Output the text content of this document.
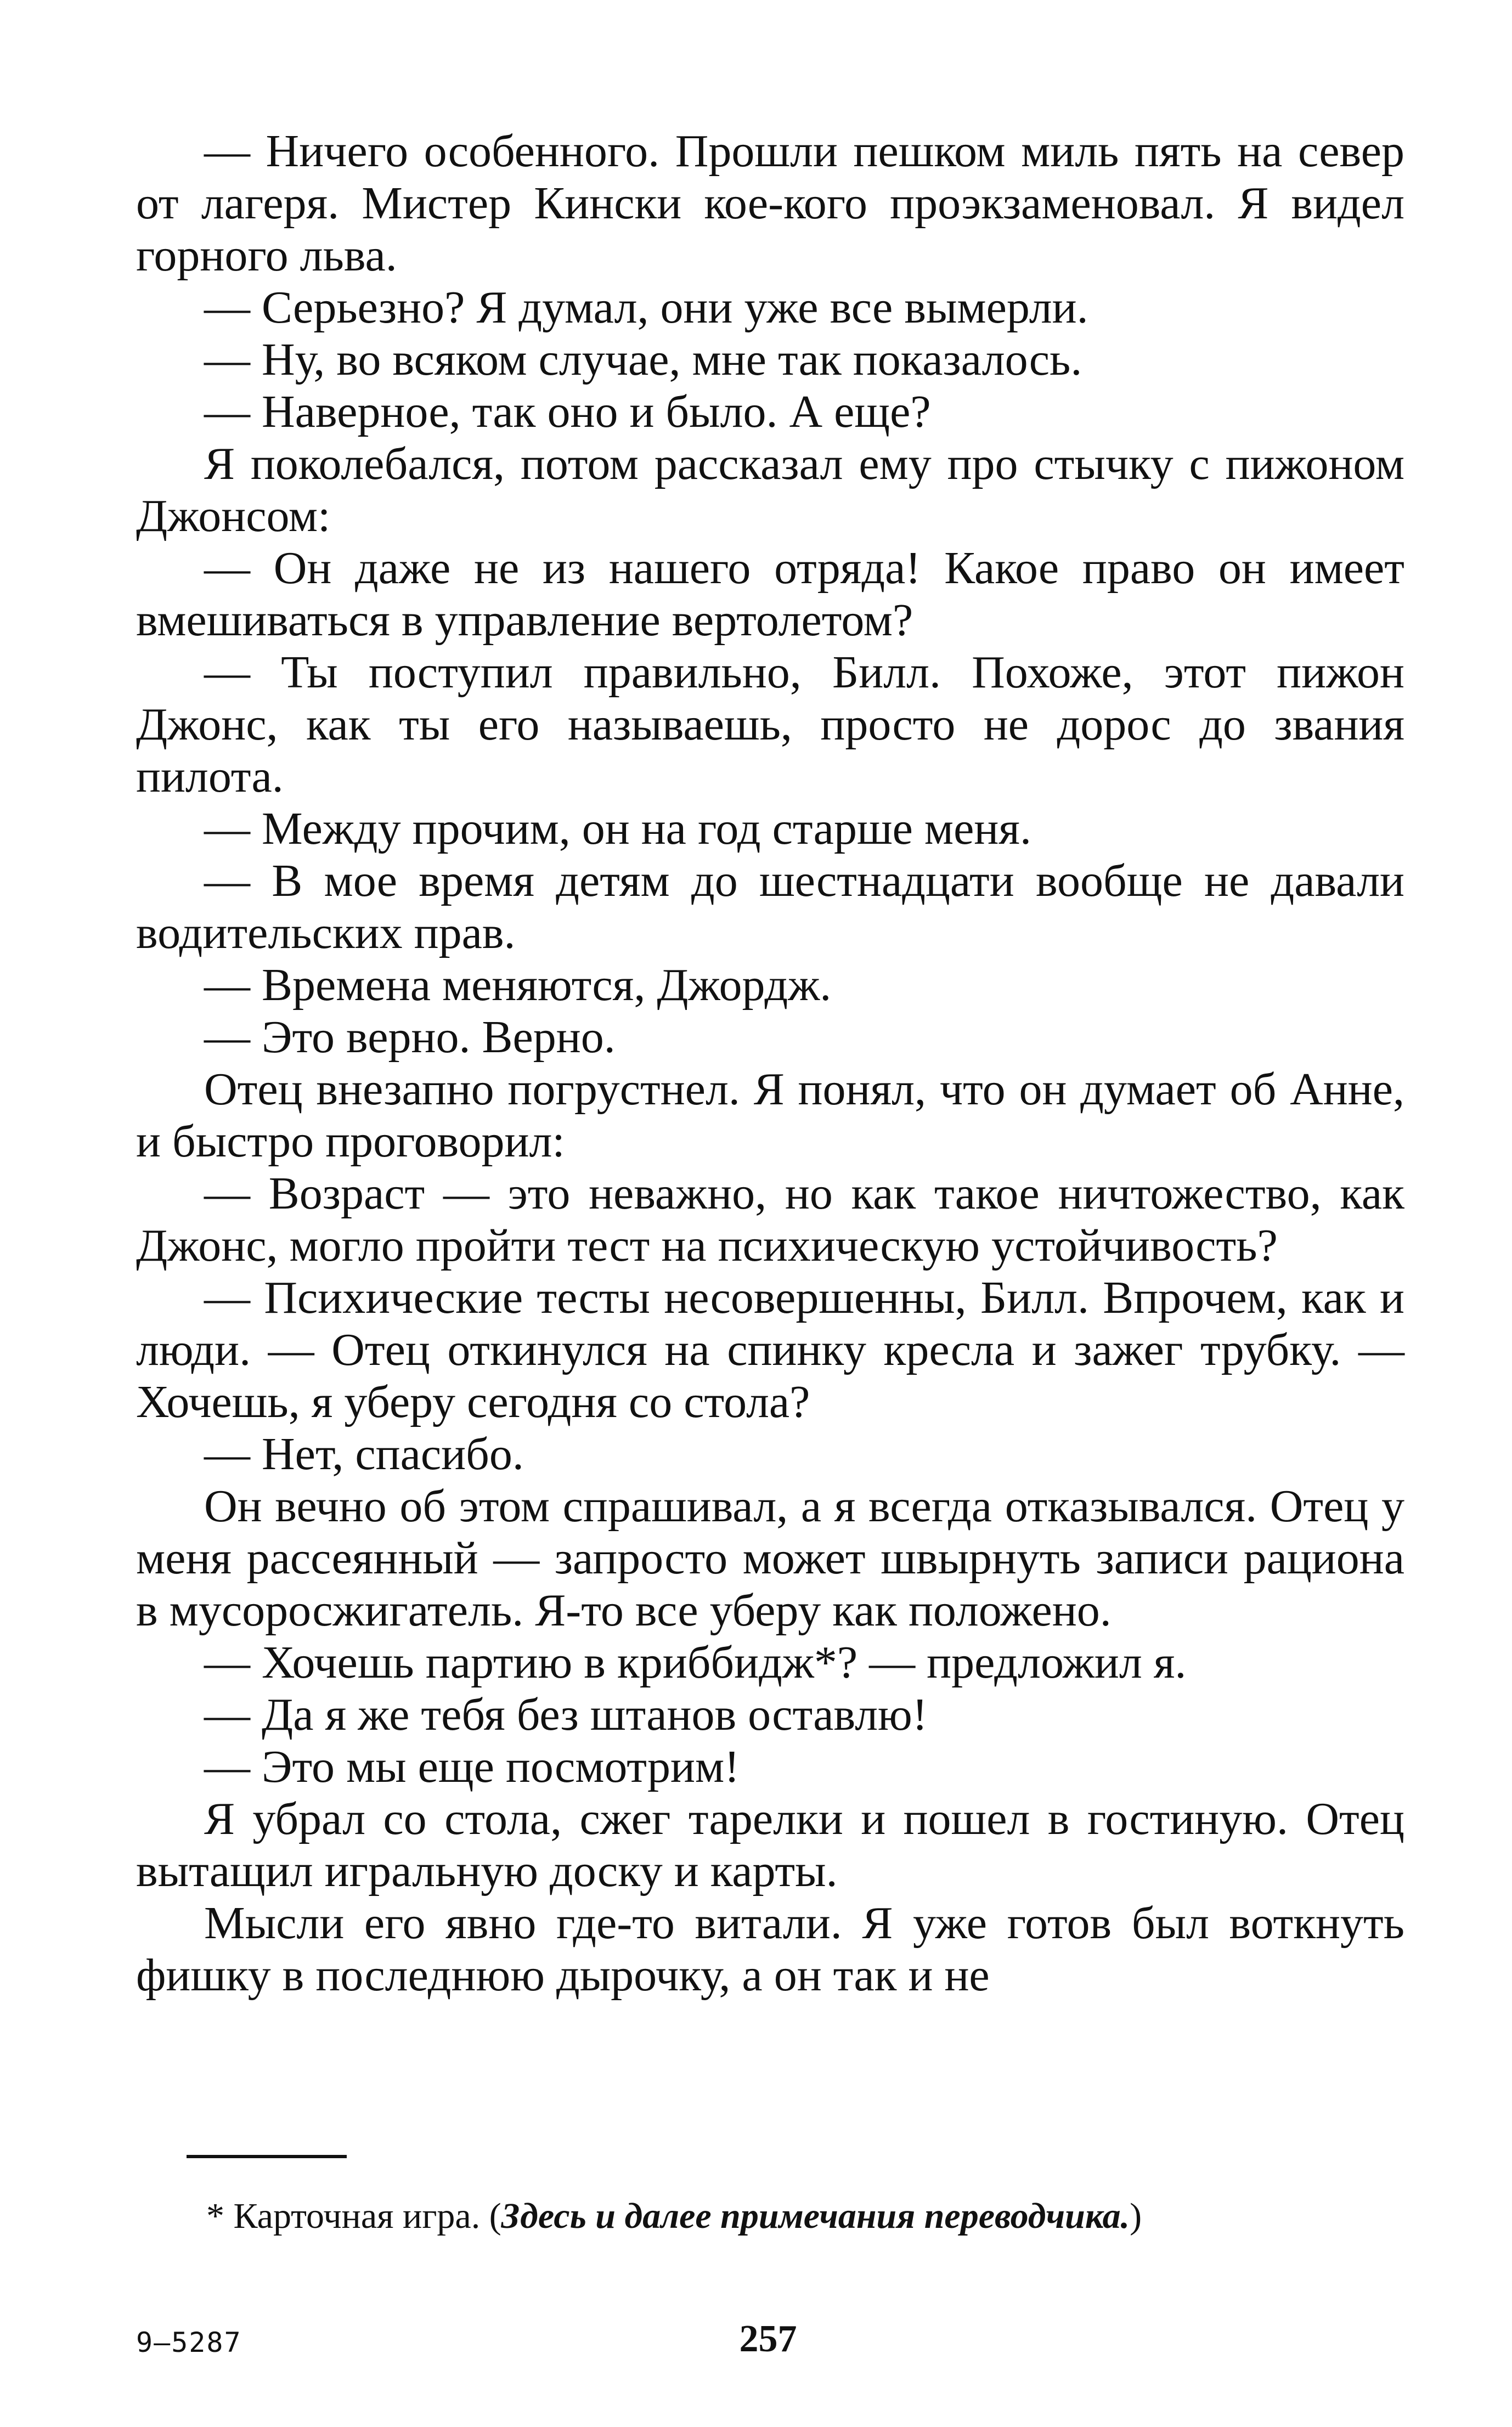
— Ничего особенного. Прошли пешком миль пять на север от лагеря. Мистер Кински кое-кого проэкзаменовал. Я видел горного льва.

— Серьезно? Я думал, они уже все вымерли.

— Ну, во всяком случае, мне так показалось.

— Наверное, так оно и было. А еще?

Я поколебался, потом рассказал ему про стычку с пижоном Джонсом:

— Он даже не из нашего отряда! Какое право он имеет вмешиваться в управление вертолетом?

— Ты поступил правильно, Билл. Похоже, этот пижон Джонс, как ты его называешь, просто не дорос до звания пилота.

— Между прочим, он на год старше меня.

— В мое время детям до шестнадцати вообще не давали водительских прав.

— Времена меняются, Джордж.

— Это верно. Верно.

Отец внезапно погрустнел. Я понял, что он думает об Анне, и быстро проговорил:

— Возраст — это неважно, но как такое ничтожество, как Джонс, могло пройти тест на психическую устойчивость?

— Психические тесты несовершенны, Билл. Впрочем, как и люди. — Отец откинулся на спинку кресла и зажег трубку. — Хочешь, я уберу сегодня со стола?

— Нет, спасибо.

Он вечно об этом спрашивал, а я всегда отказывался. Отец у меня рассеянный — запросто может швырнуть записи рациона в мусоросжигатель. Я-то все уберу как положено.

— Хочешь партию в криббидж*? — предложил я.

— Да я же тебя без штанов оставлю!

— Это мы еще посмотрим!

Я убрал со стола, сжег тарелки и пошел в гостиную. Отец вытащил игральную доску и карты.

Мысли его явно где-то витали. Я уже готов был воткнуть фишку в последнюю дырочку, а он так и не

* Карточная игра. (Здесь и далее примечания переводчика.)
9—5287	257
